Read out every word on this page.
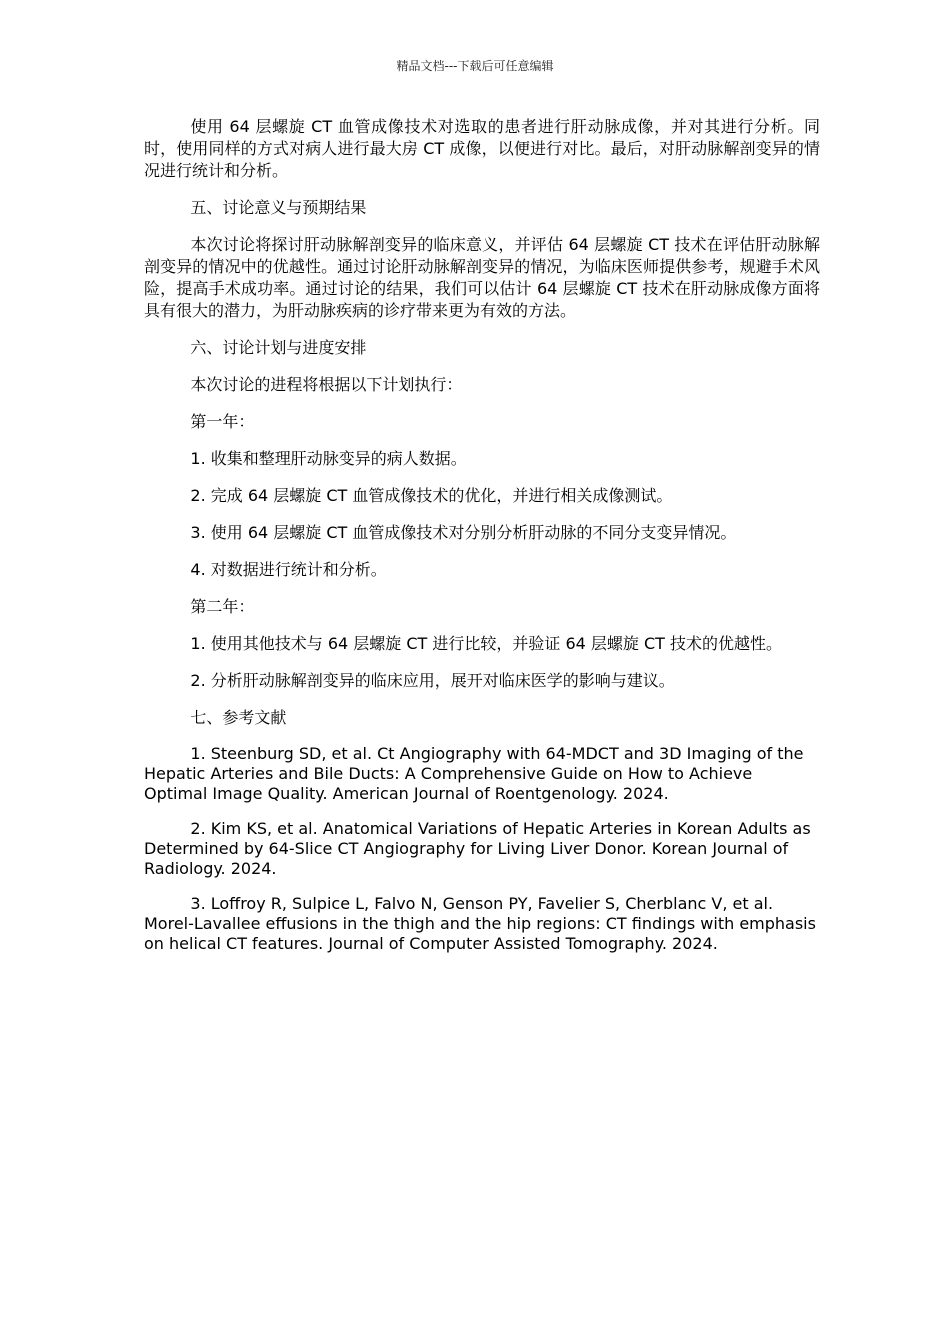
精品文档---下载后可任意编辑

使用 64 层螺旋 CT 血管成像技术对选取的患者进行肝动脉成像，并对其进行分析。同时，使用同样的方式对病人进行最大房 CT 成像，以便进行对比。最后，对肝动脉解剖变异的情况进行统计和分析。

五、讨论意义与预期结果

本次讨论将探讨肝动脉解剖变异的临床意义，并评估 64 层螺旋 CT 技术在评估肝动脉解剖变异的情况中的优越性。通过讨论肝动脉解剖变异的情况，为临床医师提供参考，规避手术风险，提高手术成功率。通过讨论的结果，我们可以估计 64 层螺旋 CT 技术在肝动脉成像方面将具有很大的潜力，为肝动脉疾病的诊疗带来更为有效的方法。

六、讨论计划与进度安排

本次讨论的进程将根据以下计划执行：

第一年：

1. 收集和整理肝动脉变异的病人数据。

2. 完成 64 层螺旋 CT 血管成像技术的优化，并进行相关成像测试。

3. 使用 64 层螺旋 CT 血管成像技术对分别分析肝动脉的不同分支变异情况。

4. 对数据进行统计和分析。

第二年：

1. 使用其他技术与 64 层螺旋 CT 进行比较，并验证 64 层螺旋 CT 技术的优越性。

2. 分析肝动脉解剖变异的临床应用，展开对临床医学的影响与建议。

七、参考文献

1. Steenburg SD, et al. Ct Angiography with 64-MDCT and 3D Imaging of the Hepatic Arteries and Bile Ducts: A Comprehensive Guide on How to Achieve Optimal Image Quality. American Journal of Roentgenology. 2024.

2. Kim KS, et al. Anatomical Variations of Hepatic Arteries in Korean Adults as Determined by 64-Slice CT Angiography for Living Liver Donor. Korean Journal of Radiology. 2024.

3. Loffroy R, Sulpice L, Falvo N, Genson PY, Favelier S, Cherblanc V, et al. Morel-Lavallee effusions in the thigh and the hip regions: CT findings with emphasis on helical CT features. Journal of Computer Assisted Tomography. 2024.
